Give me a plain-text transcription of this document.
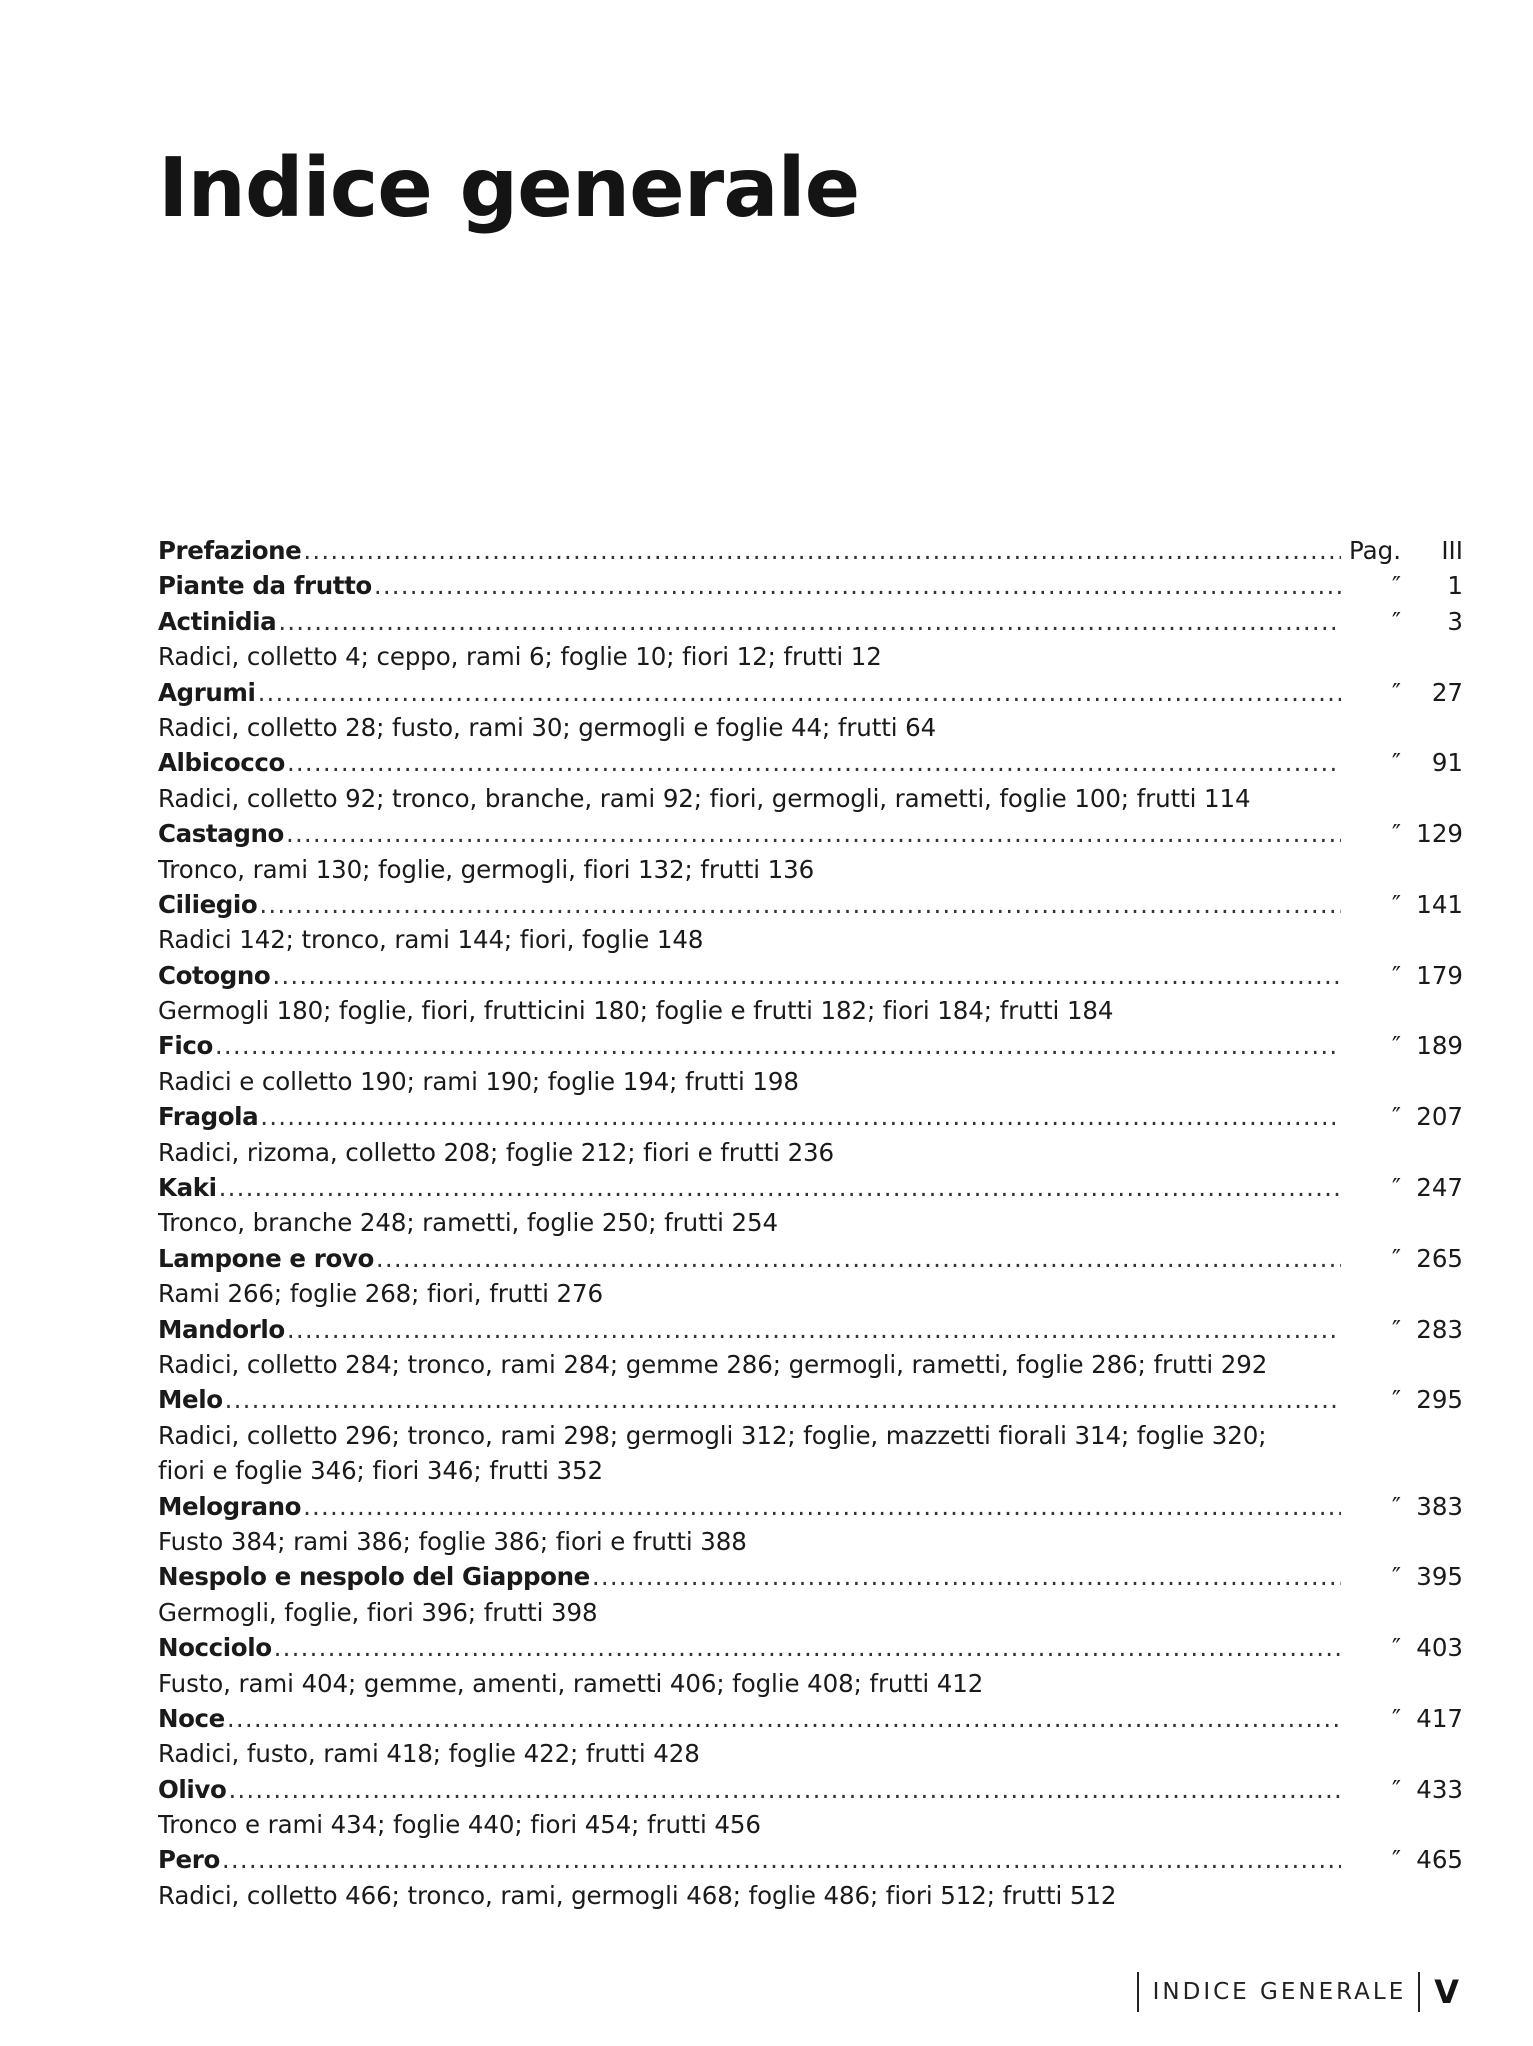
Indice generale
Prefazione .....	Pag.	III
Piante da frutto .....	″	1
Actinidia .....	″	3
Radici, colletto 4; ceppo, rami 6; foglie 10; fiori 12; frutti 12
Agrumi .....	″	27
Radici, colletto 28; fusto, rami 30; germogli e foglie 44; frutti 64
Albicocco .....	″	91
Radici, colletto 92; tronco, branche, rami 92; fiori, germogli, rametti, foglie 100; frutti 114
Castagno .....	″ 129
Tronco, rami 130; foglie, germogli, fiori 132; frutti 136
Ciliegio .....	″ 141
Radici 142; tronco, rami 144; fiori, foglie 148
Cotogno .....	″ 179
Germogli 180; foglie, fiori, frutticini 180; foglie e frutti 182; fiori 184; frutti 184
Fico .....	″ 189
Radici e colletto 190; rami 190; foglie 194; frutti 198
Fragola .....	″ 207
Radici, rizoma, colletto 208; foglie 212; fiori e frutti 236
Kaki .....	″ 247
Tronco, branche 248; rametti, foglie 250; frutti 254
Lampone e rovo .....	″ 265
Rami 266; foglie 268; fiori, frutti 276
Mandorlo .....	″ 283
Radici, colletto 284; tronco, rami 284; gemme 286; germogli, rametti, foglie 286; frutti 292
Melo .....	″ 295
Radici, colletto 296; tronco, rami 298; germogli 312; foglie, mazzetti fiorali 314; foglie 320;
fiori e foglie 346; fiori 346; frutti 352
Melograno .....	″ 383
Fusto 384; rami 386; foglie 386; fiori e frutti 388
Nespolo e nespolo del Giappone .....	″ 395
Germogli, foglie, fiori 396; frutti 398
Nocciolo .....	″ 403
Fusto, rami 404; gemme, amenti, rametti 406; foglie 408; frutti 412
Noce .....	″ 417
Radici, fusto, rami 418; foglie 422; frutti 428
Olivo .....	″ 433
Tronco e rami 434; foglie 440; fiori 454; frutti 456
Pero .....	″ 465
Radici, colletto 466; tronco, rami, germogli 468; foglie 486; fiori 512; frutti 512
INDICE GENERALE V
